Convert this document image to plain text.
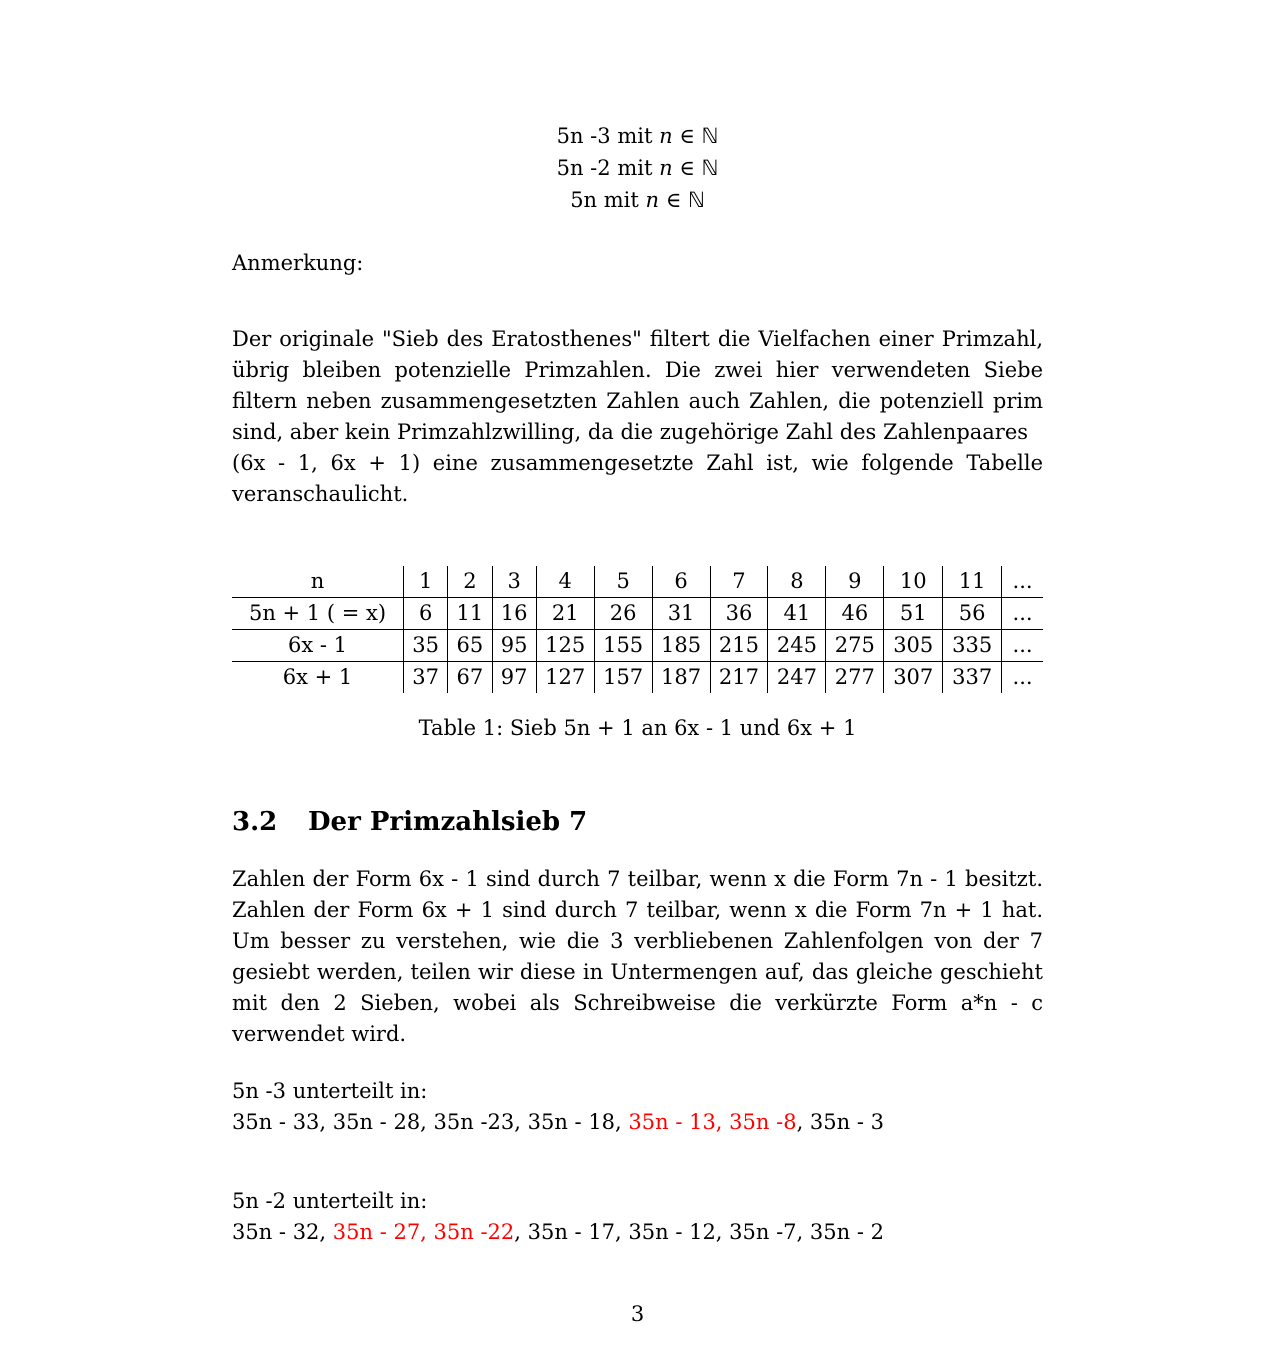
5n -3 mit n ∈ ℕ
5n -2 mit n ∈ ℕ
5n mit n ∈ ℕ
Anmerkung:
Der originale "Sieb des Eratosthenes" filtert die Vielfachen einer Primzahl, übrig bleiben potenzielle Primzahlen. Die zwei hier verwendeten Siebe filtern neben zusammengesetzten Zahlen auch Zahlen, die potenziell prim sind, aber kein Primzahlzwilling, da die zugehörige Zahl des Zahlenpaares
(6x - 1, 6x + 1) eine zusammengesetzte Zahl ist, wie folgende Tabelle veranschaulicht.
n	1	2	3	4	5	6	7	8	9	10	11	...
5n + 1 ( = x)	6	11	16	21	26	31	36	41	46	51	56	...
6x - 1	35	65	95	125	155	185	215	245	275	305	335	...
6x + 1	37	67	97	127	157	187	217	247	277	307	337	...
Table 1: Sieb 5n + 1 an 6x - 1 und 6x + 1
3.2 Der Primzahlsieb 7
Zahlen der Form 6x - 1 sind durch 7 teilbar, wenn x die Form 7n - 1 besitzt. Zahlen der Form 6x + 1 sind durch 7 teilbar, wenn x die Form 7n + 1 hat. Um besser zu verstehen, wie die 3 verbliebenen Zahlenfolgen von der 7 gesiebt werden, teilen wir diese in Untermengen auf, das gleiche geschieht mit den 2 Sieben, wobei als Schreibweise die verkürzte Form a*n - c verwendet wird.
5n -3 unterteilt in:
35n - 33, 35n - 28, 35n -23, 35n - 18, 35n - 13, 35n -8, 35n - 3
5n -2 unterteilt in:
35n - 32, 35n - 27, 35n -22, 35n - 17, 35n - 12, 35n -7, 35n - 2
3
